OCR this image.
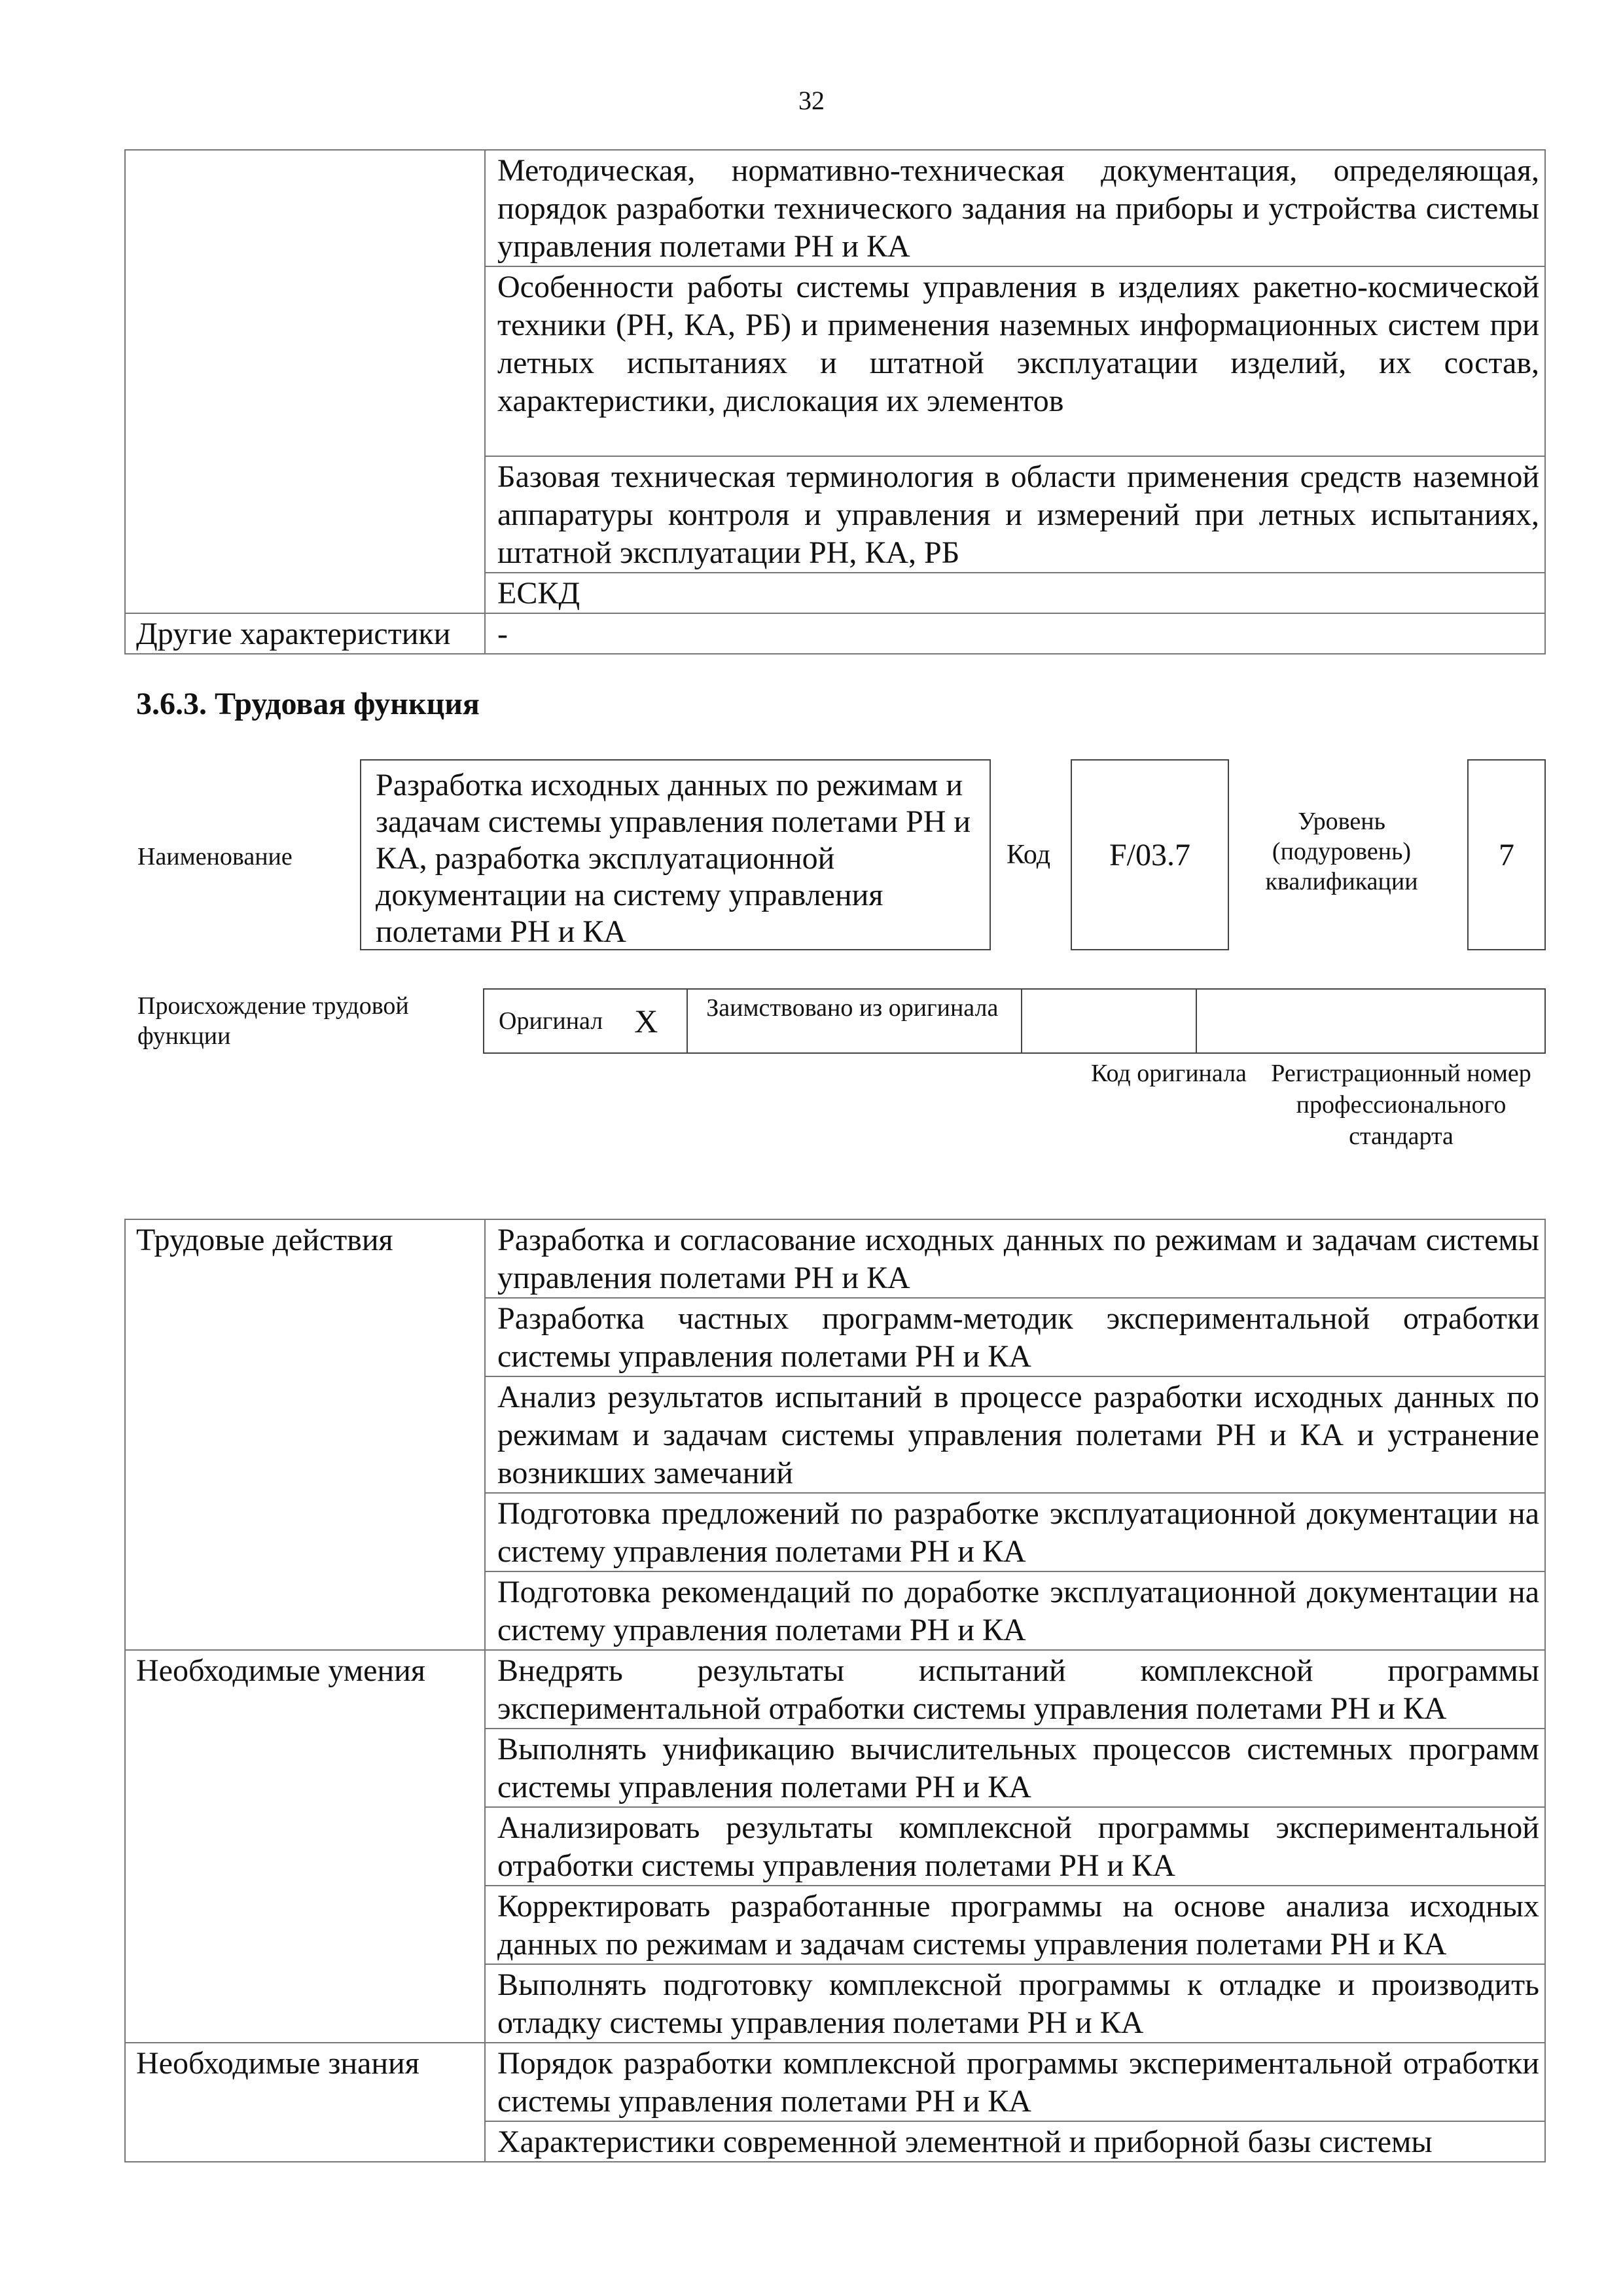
32
	Методическая, нормативно-техническая документация, определяющая, порядок разработки технического задания на приборы и устройства системы управления полетами РН и КА
	Особенности работы системы управления в изделиях ракетно-космической техники (РН, КА, РБ) и применения наземных информационных систем при летных испытаниях и штатной эксплуатации изделий, их состав, характеристики, дислокация их элементов
	Базовая техническая терминология в области применения средств наземной аппаратуры контроля и управления и измерений при летных испытаниях, штатной эксплуатации РН, КА, РБ
	ЕСКД
Другие характеристики	-
3.6.3. Трудовая функция
Наименование
Разработка исходных данных по режимам и задачам системы управления полетами РН и КА, разработка эксплуатационной документации на систему управления полетами РН и КА
Код	F/03.7
Уровень (подуровень) квалификации
7
Происхождение трудовой функции
Оригинал X	Заимствовано из оригинала
Код оригинала Регистрационный номер профессионального стандарта
Трудовые действия	Разработка и согласование исходных данных по режимам и задачам системы управления полетами РН и КА
	Разработка частных программ-методик экспериментальной отработки системы управления полетами РН и КА
	Анализ результатов испытаний в процессе разработки исходных данных по режимам и задачам системы управления полетами РН и КА и устранение возникших замечаний
	Подготовка предложений по разработке эксплуатационной документации на систему управления полетами РН и КА
	Подготовка рекомендаций по доработке эксплуатационной документации на систему управления полетами РН и КА
Необходимые умения	Внедрять результаты испытаний комплексной программы экспериментальной отработки системы управления полетами РН и КА
	Выполнять унификацию вычислительных процессов системных программ системы управления полетами РН и КА
	Анализировать результаты комплексной программы экспериментальной отработки системы управления полетами РН и КА
	Корректировать разработанные программы на основе анализа исходных данных по режимам и задачам системы управления полетами РН и КА
	Выполнять подготовку комплексной программы к отладке и производить отладку системы управления полетами РН и КА
Необходимые знания	Порядок разработки комплексной программы экспериментальной отработки системы управления полетами РН и КА
	Характеристики современной элементной и приборной базы системы
